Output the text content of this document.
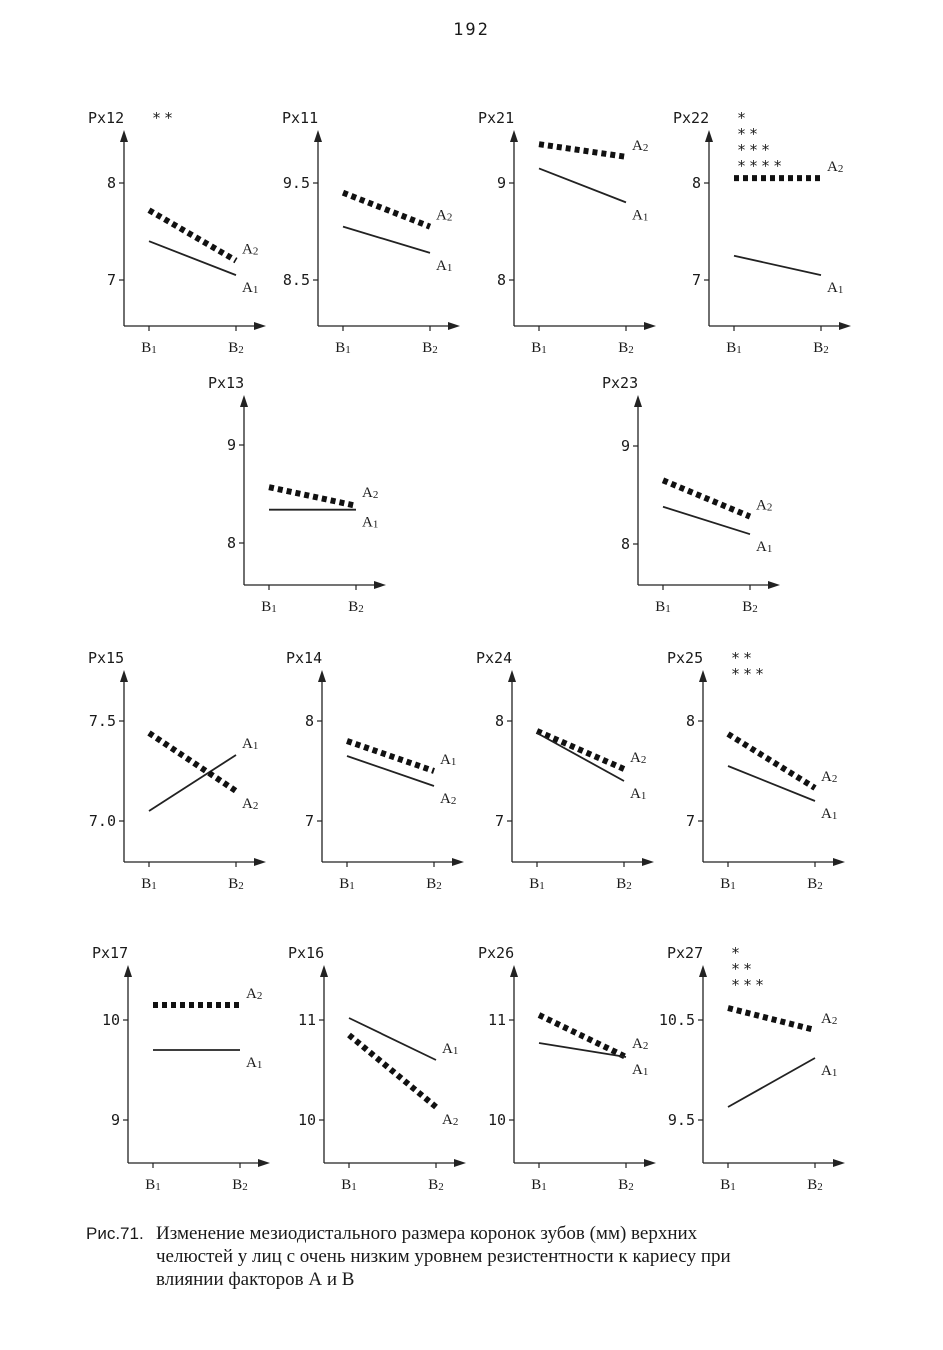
192
Px12 **
8
7
B1	B2
A2
A1
Px11
9.5
8.5
B1	B2
A2
A1
Px21
9
8
B1	B2
A2
A1
Px22 *
**
***
****
8
7
B1	B2
A2
A1
Px13
9
8
B1	B2
A2
A1
Px23
9
8
B1	B2
A2
A1
Px15
7.5
7.0
B1	B2
A1
A2
Px14
8
7
B1	B2
A1
A2
Px24
8
7
B1	B2
A2
A1
Px25 **
***
8
7
B1	B2
A2
A1
Px17
10
9
B1	B2
A2
A1
Px16
11
10
B1	B2
A1
A2
Px26
11
10
B1	B2
A2
A1
Px27 *
**
***
10.5
9.5
B1	B2
A2
A1
Рис.71. Изменение мезиодистального размера коронок зубов (мм) верхних
челюстей у лиц с очень низким уровнем резистентности к кариесу при
влиянии факторов А и В
